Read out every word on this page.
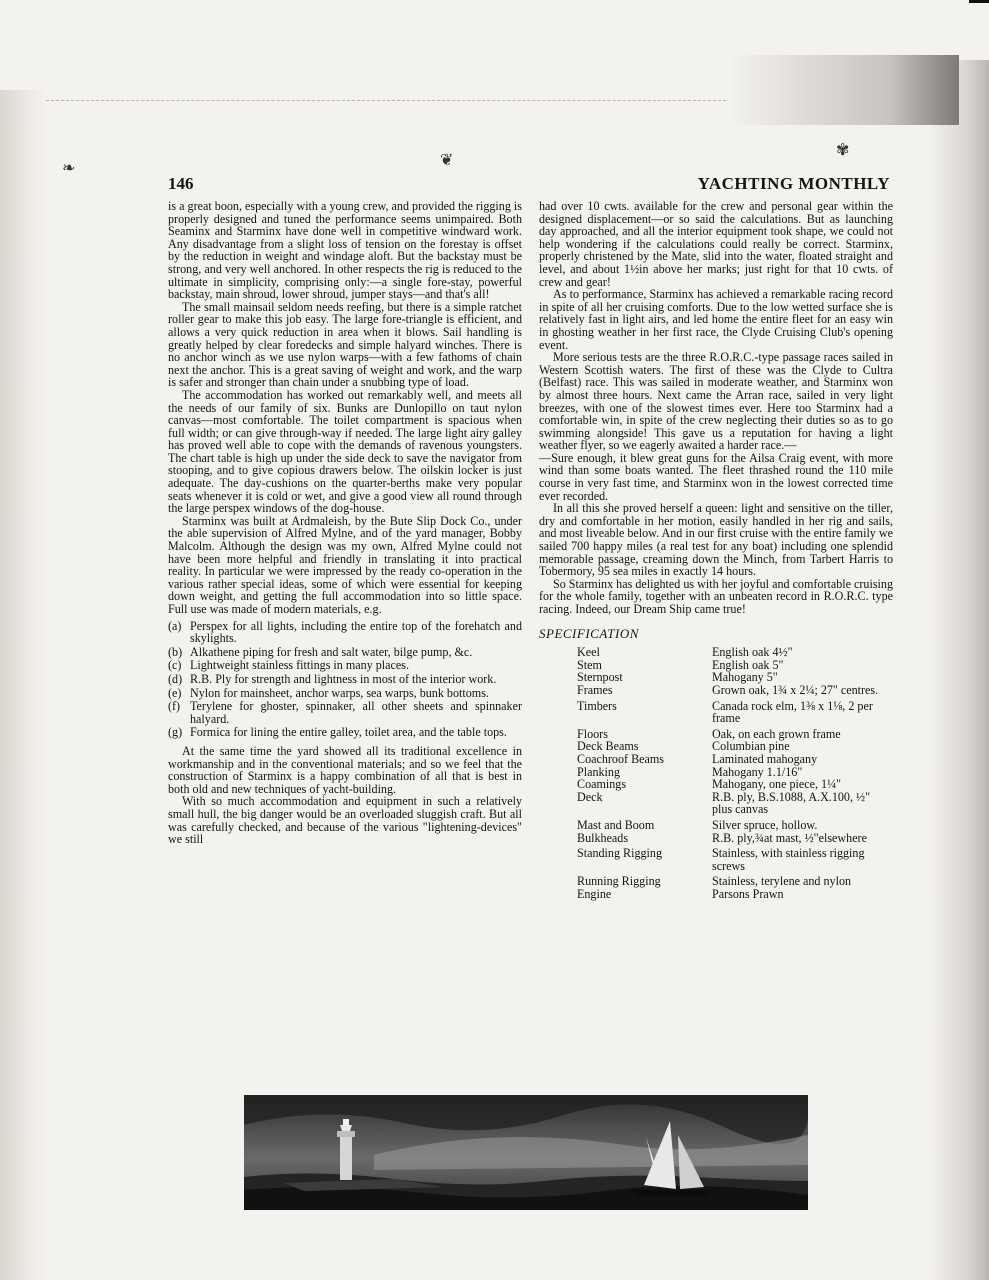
❦
✾
❧
146	YACHTING MONTHLY

is a great boon, especially with a young crew, and provided the rigging is properly designed and tuned the performance seems unimpaired. Both Seaminx and Starminx have done well in competitive windward work. Any disadvantage from a slight loss of tension on the forestay is offset by the reduction in weight and windage aloft. But the backstay must be strong, and very well anchored. In other respects the rig is reduced to the ultimate in simplicity, comprising only:—a single fore-stay, powerful backstay, main shroud, lower shroud, jumper stays—and that's all!

The small mainsail seldom needs reefing, but there is a simple ratchet roller gear to make this job easy. The large fore-triangle is efficient, and allows a very quick reduction in area when it blows. Sail handling is greatly helped by clear foredecks and simple halyard winches. There is no anchor winch as we use nylon warps—with a few fathoms of chain next the anchor. This is a great saving of weight and work, and the warp is safer and stronger than chain under a snubbing type of load.

The accommodation has worked out remarkably well, and meets all the needs of our family of six. Bunks are Dunlopillo on taut nylon canvas—most comfortable. The toilet compartment is spacious when full width; or can give through-way if needed. The large light airy galley has proved well able to cope with the demands of ravenous youngsters. The chart table is high up under the side deck to save the navigator from stooping, and to give copious drawers below. The oilskin locker is just adequate. The day-cushions on the quarter-berths make very popular seats whenever it is cold or wet, and give a good view all round through the large perspex windows of the dog-house.

Starminx was built at Ardmaleish, by the Bute Slip Dock Co., under the able supervision of Alfred Mylne, and of the yard manager, Bobby Malcolm. Although the design was my own, Alfred Mylne could not have been more helpful and friendly in translating it into practical reality. In particular we were impressed by the ready co-operation in the various rather special ideas, some of which were essential for keeping down weight, and getting the full accommodation into so little space. Full use was made of modern materials, e.g.

(a) Perspex for all lights, including the entire top of the forehatch and skylights.
(b) Alkathene piping for fresh and salt water, bilge pump, &c.
(c) Lightweight stainless fittings in many places.
(d) R.B. Ply for strength and lightness in most of the interior work.
(e) Nylon for mainsheet, anchor warps, sea warps, bunk bottoms.
(f) Terylene for ghoster, spinnaker, all other sheets and spinnaker halyard.
(g) Formica for lining the entire galley, toilet area, and the table tops.

At the same time the yard showed all its traditional excellence in workmanship and in the conventional materials; and so we feel that the construction of Starminx is a happy combination of all that is best in both old and new techniques of yacht-building.

With so much accommodation and equipment in such a relatively small hull, the big danger would be an overloaded sluggish craft. But all was carefully checked, and because of the various "lightening-devices" we still

had over 10 cwts. available for the crew and personal gear within the designed displacement—or so said the calculations. But as launching day approached, and all the interior equipment took shape, we could not help wondering if the calculations could really be correct. Starminx, properly christened by the Mate, slid into the water, floated straight and level, and about 1½in above her marks; just right for that 10 cwts. of crew and gear!

As to performance, Starminx has achieved a remarkable racing record in spite of all her cruising comforts. Due to the low wetted surface she is relatively fast in light airs, and led home the entire fleet for an easy win in ghosting weather in her first race, the Clyde Cruising Club's opening event.

More serious tests are the three R.O.R.C.-type passage races sailed in Western Scottish waters. The first of these was the Clyde to Cultra (Belfast) race. This was sailed in moderate weather, and Starminx won by almost three hours. Next came the Arran race, sailed in very light breezes, with one of the slowest times ever. Here too Starminx had a comfortable win, in spite of the crew neglecting their duties so as to go swimming alongside! This gave us a reputation for having a light weather flyer, so we eagerly awaited a harder race.—

—Sure enough, it blew great guns for the Ailsa Craig event, with more wind than some boats wanted. The fleet thrashed round the 110 mile course in very fast time, and Starminx won in the lowest corrected time ever recorded.

In all this she proved herself a queen: light and sensitive on the tiller, dry and comfortable in her motion, easily handled in her rig and sails, and most liveable below. And in our first cruise with the entire family we sailed 700 happy miles (a real test for any boat) including one splendid memorable passage, creaming down the Minch, from Tarbert Harris to Tobermory, 95 sea miles in exactly 14 hours.

So Starminx has delighted us with her joyful and comfortable cruising for the whole family, together with an unbeaten record in R.O.R.C. type racing. Indeed, our Dream Ship came true!

SPECIFICATION
Keel	English oak 4½"
Stem	English oak 5"
Sternpost	Mahogany 5"
Frames	Grown oak, 1¾ x 2¼; 27" centres.
Timbers	Canada rock elm, 1⅜ x 1⅛, 2 per frame
Floors	Oak, on each grown frame
Deck Beams	Columbian pine
Coachroof Beams	Laminated mahogany
Planking	Mahogany 1.1/16"
Coamings	Mahogany, one piece, 1¼"
Deck	R.B. ply, B.S.1088, A.X.100, ½" plus canvas
Mast and Boom	Silver spruce, hollow.
Bulkheads	R.B. ply,¾at mast, ½"elsewhere
Standing Rigging	Stainless, with stainless rigging screws
Running Rigging	Stainless, terylene and nylon
Engine	Parsons Prawn
